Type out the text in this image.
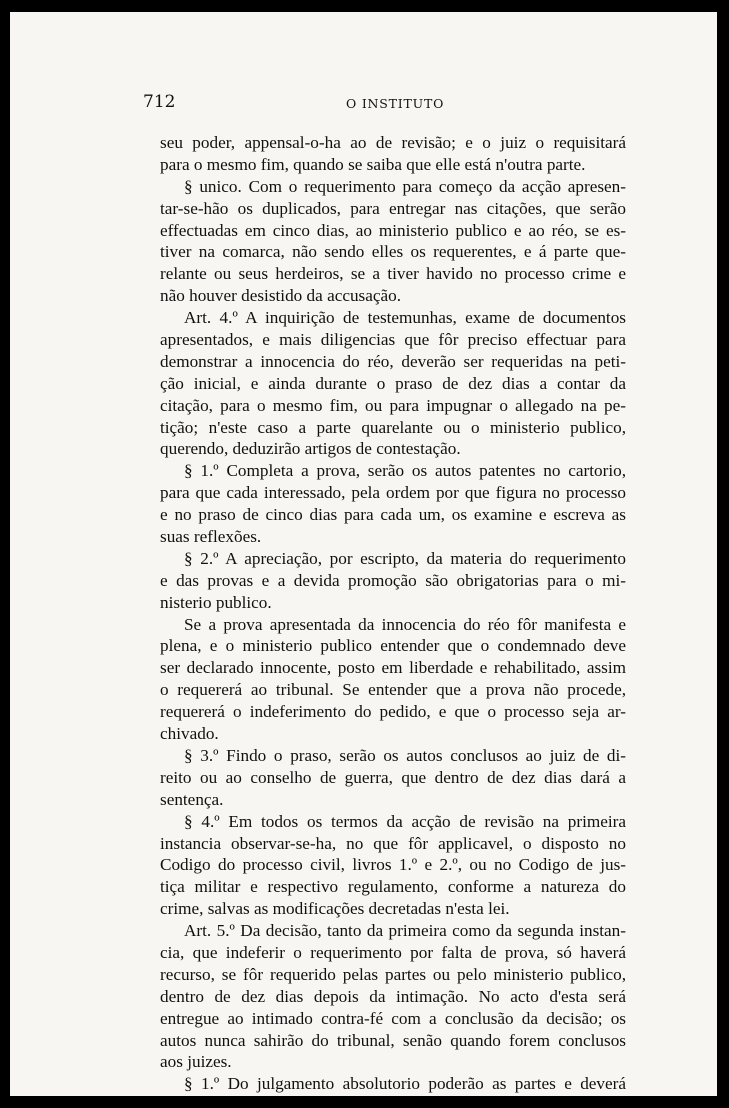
712	O INSTITUTO
seu poder, appensal-o-ha ao de revisão; e o juiz o requisitará
para o mesmo fim, quando se saiba que elle está n'outra parte.
§ unico. Com o requerimento para começo da acção apresen-
tar-se-hão os duplicados, para entregar nas citações, que serão
effectuadas em cinco dias, ao ministerio publico e ao réo, se es-
tiver na comarca, não sendo elles os requerentes, e á parte que-
relante ou seus herdeiros, se a tiver havido no processo crime e
não houver desistido da accusação.
Art. 4.º A inquirição de testemunhas, exame de documentos
apresentados, e mais diligencias que fôr preciso effectuar para
demonstrar a innocencia do réo, deverão ser requeridas na peti-
ção inicial, e ainda durante o praso de dez dias a contar da
citação, para o mesmo fim, ou para impugnar o allegado na pe-
tição; n'este caso a parte quarelante ou o ministerio publico,
querendo, deduzirão artigos de contestação.
§ 1.º Completa a prova, serão os autos patentes no cartorio,
para que cada interessado, pela ordem por que figura no processo
e no praso de cinco dias para cada um, os examine e escreva as
suas reflexões.
§ 2.º A apreciação, por escripto, da materia do requerimento
e das provas e a devida promoção são obrigatorias para o mi-
nisterio publico.
Se a prova apresentada da innocencia do réo fôr manifesta e
plena, e o ministerio publico entender que o condemnado deve
ser declarado innocente, posto em liberdade e rehabilitado, assim
o requererá ao tribunal. Se entender que a prova não procede,
requererá o indeferimento do pedido, e que o processo seja ar-
chivado.
§ 3.º Findo o praso, serão os autos conclusos ao juiz de di-
reito ou ao conselho de guerra, que dentro de dez dias dará a
sentença.
§ 4.º Em todos os termos da acção de revisão na primeira
instancia observar-se-ha, no que fôr applicavel, o disposto no
Codigo do processo civil, livros 1.º e 2.º, ou no Codigo de jus-
tiça militar e respectivo regulamento, conforme a natureza do
crime, salvas as modificações decretadas n'esta lei.
Art. 5.º Da decisão, tanto da primeira como da segunda instan-
cia, que indeferir o requerimento por falta de prova, só haverá
recurso, se fôr requerido pelas partes ou pelo ministerio publico,
dentro de dez dias depois da intimação. No acto d'esta será
entregue ao intimado contra-fé com a conclusão da decisão; os
autos nunca sahirão do tribunal, senão quando forem conclusos
aos juizes.
§ 1.º Do julgamento absolutorio poderão as partes e deverá
